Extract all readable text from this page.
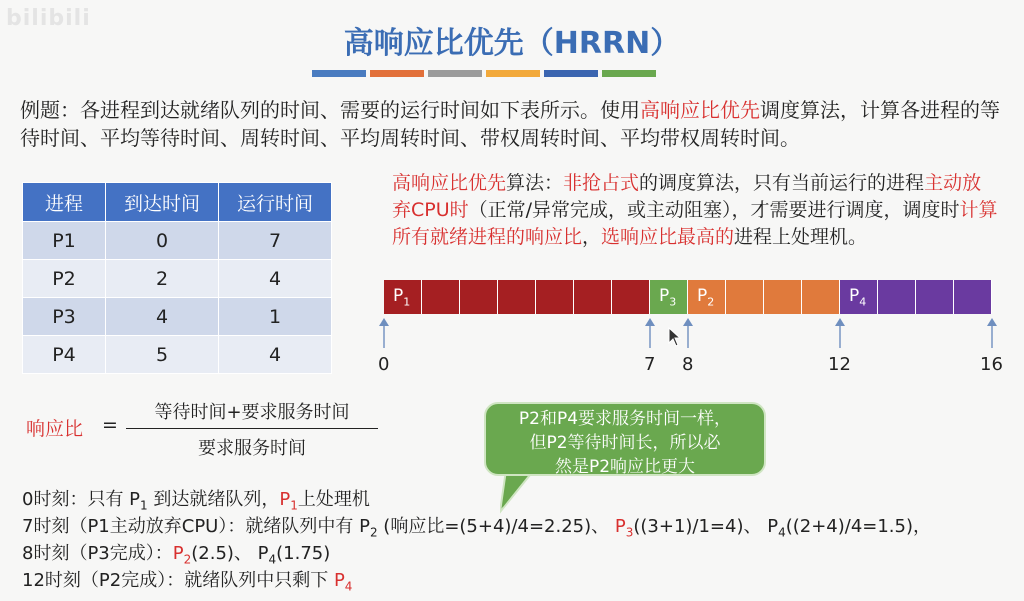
bilibili
高响应比优先（HRRN）
例题：各进程到达就绪队列的时间、需要的运行时间如下表所示。使用高响应比优先调度算法，计算各进程的等待时间、平均等待时间、周转时间、平均周转时间、带权周转时间、平均带权周转时间。
进程	到达时间	运行时间
P1	0	7
P2	2	4
P3	4	1
P4	5	4
高响应比优先算法：非抢占式的调度算法，只有当前运行的进程主动放弃CPU时（正常/异常完成，或主动阻塞），才需要进行调度，调度时计算所有就绪进程的响应比，选响应比最高的进程上处理机。
$P_1$	$P_3$ $P_2$	$P_4$
0	7 8	12	16
响应比 =
等待时间+要求服务时间
要求服务时间
P2和P4要求服务时间一样，
但P2等待时间长，所以必
然是P2响应比更大
0时刻：只有 $P_1$ 到达就绪队列，$P_1$上处理机
7时刻（P1主动放弃CPU）：就绪队列中有 $P_2$ (响应比=(5+4)/4=2.25)、 $P_3((3+1)/1=4)$、 $P_4((2+4)/4=1.5)$，
8时刻（P3完成）：$P_2(2.5)$、 $P_4(1.75)$
12时刻（P2完成）：就绪队列中只剩下 $P_4$
